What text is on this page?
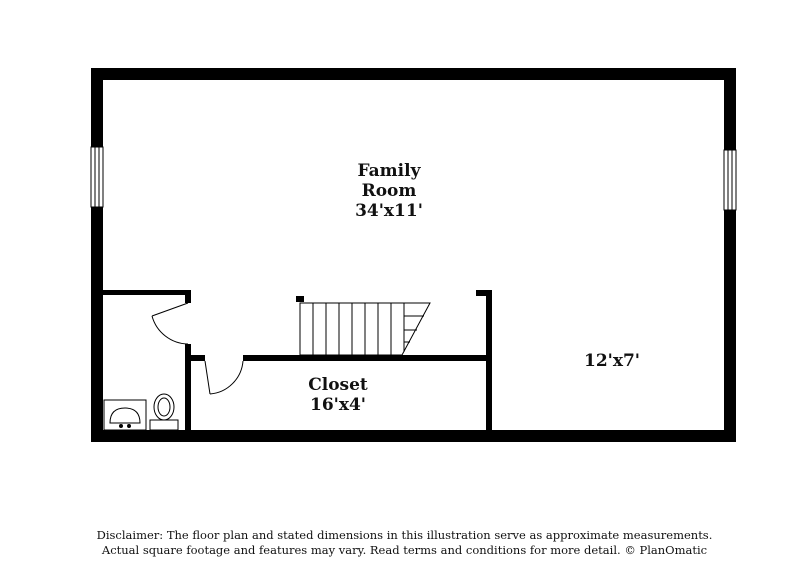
Family
Room
34'x11'
12'x7'
Closet
16'x4'
Disclaimer: The floor plan and stated dimensions in this illustration serve as approximate measurements.
Actual square footage and features may vary. Read terms and conditions for more detail. © PlanOmatic
